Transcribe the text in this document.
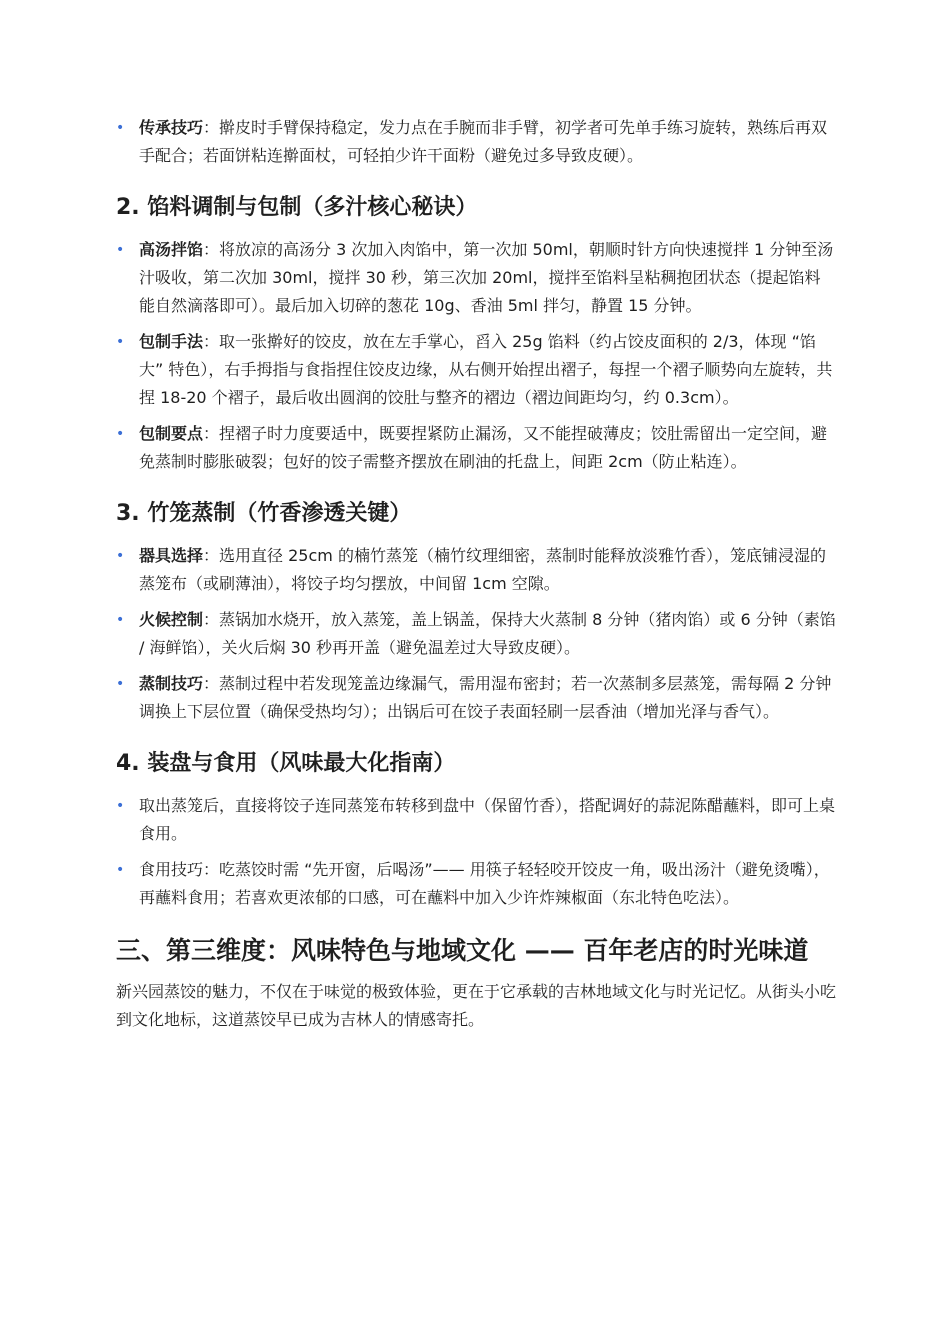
• 传承技巧：擀皮时手臂保持稳定，发力点在手腕而非手臂，初学者可先单手练习旋转，熟练后再双手配合；若面饼粘连擀面杖，可轻拍少许干面粉（避免过多导致皮硬）。
2. 馅料调制与包制（多汁核心秘诀）
• 高汤拌馅：将放凉的高汤分 3 次加入肉馅中，第一次加 50ml，朝顺时针方向快速搅拌 1 分钟至汤汁吸收，第二次加 30ml，搅拌 30 秒，第三次加 20ml，搅拌至馅料呈粘稠抱团状态（提起馅料能自然滴落即可）。最后加入切碎的葱花 10g、香油 5ml 拌匀，静置 15 分钟。
• 包制手法：取一张擀好的饺皮，放在左手掌心，舀入 25g 馅料（约占饺皮面积的 2/3，体现 “馅大” 特色），右手拇指与食指捏住饺皮边缘，从右侧开始捏出褶子，每捏一个褶子顺势向左旋转，共捏 18-20 个褶子，最后收出圆润的饺肚与整齐的褶边（褶边间距均匀，约 0.3cm）。
• 包制要点：捏褶子时力度要适中，既要捏紧防止漏汤，又不能捏破薄皮；饺肚需留出一定空间，避免蒸制时膨胀破裂；包好的饺子需整齐摆放在刷油的托盘上，间距 2cm（防止粘连）。
3. 竹笼蒸制（竹香渗透关键）
• 器具选择：选用直径 25cm 的楠竹蒸笼（楠竹纹理细密，蒸制时能释放淡雅竹香），笼底铺浸湿的蒸笼布（或刷薄油），将饺子均匀摆放，中间留 1cm 空隙。
• 火候控制：蒸锅加水烧开，放入蒸笼，盖上锅盖，保持大火蒸制 8 分钟（猪肉馅）或 6 分钟（素馅 / 海鲜馅），关火后焖 30 秒再开盖（避免温差过大导致皮硬）。
• 蒸制技巧：蒸制过程中若发现笼盖边缘漏气，需用湿布密封；若一次蒸制多层蒸笼，需每隔 2 分钟调换上下层位置（确保受热均匀）；出锅后可在饺子表面轻刷一层香油（增加光泽与香气）。
4. 装盘与食用（风味最大化指南）
• 取出蒸笼后，直接将饺子连同蒸笼布转移到盘中（保留竹香），搭配调好的蒜泥陈醋蘸料，即可上桌食用。
• 食用技巧：吃蒸饺时需 “先开窗，后喝汤”—— 用筷子轻轻咬开饺皮一角，吸出汤汁（避免烫嘴），再蘸料食用；若喜欢更浓郁的口感，可在蘸料中加入少许炸辣椒面（东北特色吃法）。
三、第三维度：风味特色与地域文化 —— 百年老店的时光味道

新兴园蒸饺的魅力，不仅在于味觉的极致体验，更在于它承载的吉林地域文化与时光记忆。从街头小吃到文化地标，这道蒸饺早已成为吉林人的情感寄托。
